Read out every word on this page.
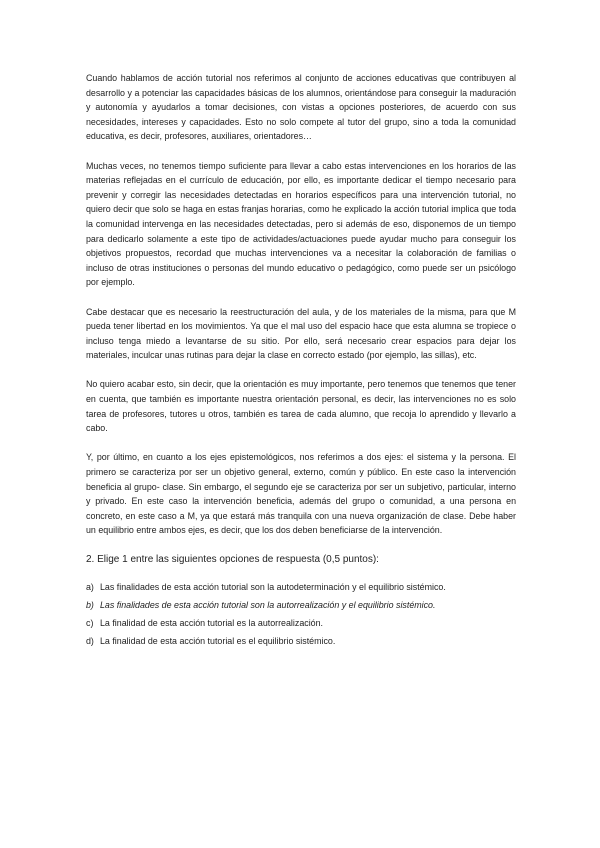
Cuando hablamos de acción tutorial nos referimos al conjunto de acciones educativas que contribuyen al desarrollo y a potenciar las capacidades básicas de los alumnos, orientándose para conseguir la maduración y autonomía y ayudarlos a tomar decisiones, con vistas a opciones posteriores, de acuerdo con sus necesidades, intereses y capacidades. Esto no solo compete al tutor del grupo, sino a toda la comunidad educativa, es decir, profesores, auxiliares, orientadores…

Muchas veces, no tenemos tiempo suficiente para llevar a cabo estas intervenciones en los horarios de las materias reflejadas en el currículo de educación, por ello, es importante dedicar el tiempo necesario para prevenir y corregir las necesidades detectadas en horarios específicos para una intervención tutorial, no quiero decir que solo se haga en estas franjas horarias, como he explicado la acción tutorial implica que toda la comunidad intervenga en las necesidades detectadas, pero si además de eso, disponemos de un tiempo para dedicarlo solamente a este tipo de actividades/actuaciones puede ayudar mucho para conseguir los objetivos propuestos, recordad que muchas intervenciones va a necesitar la colaboración de familias o incluso de otras instituciones o personas del mundo educativo o pedagógico, como puede ser un psicólogo por ejemplo.

Cabe destacar que es necesario la reestructuración del aula, y de los materiales de la misma, para que M pueda tener libertad en los movimientos. Ya que el mal uso del espacio hace que esta alumna se tropiece o incluso tenga miedo a levantarse de su sitio. Por ello, será necesario crear espacios para dejar los materiales, inculcar unas rutinas para dejar la clase en correcto estado (por ejemplo, las sillas), etc.

No quiero acabar esto, sin decir, que la orientación es muy importante, pero tenemos que tenemos que tener en cuenta, que también es importante nuestra orientación personal, es decir, las intervenciones no es solo tarea de profesores, tutores u otros, también es tarea de cada alumno, que recoja lo aprendido y llevarlo a cabo.

Y, por último, en cuanto a los ejes epistemológicos, nos referimos a dos ejes: el sistema y la persona. El primero se caracteriza por ser un objetivo general, externo, común y público. En este caso la intervención beneficia al grupo- clase. Sin embargo, el segundo eje se caracteriza por ser un subjetivo, particular, interno y privado. En este caso la intervención beneficia, además del grupo o comunidad, a una persona en concreto, en este caso a M, ya que estará más tranquila con una nueva organización de clase. Debe haber un equilibrio entre ambos ejes, es decir, que los dos deben beneficiarse de la intervención.

2. Elige 1 entre las siguientes opciones de respuesta (0,5 puntos):

a) Las finalidades de esta acción tutorial son la autodeterminación y el equilibrio sistémico.

b) Las finalidades de esta acción tutorial son la autorrealización y el equilibrio sistémico.

c) La finalidad de esta acción tutorial es la autorrealización.

d) La finalidad de esta acción tutorial es el equilibrio sistémico.
